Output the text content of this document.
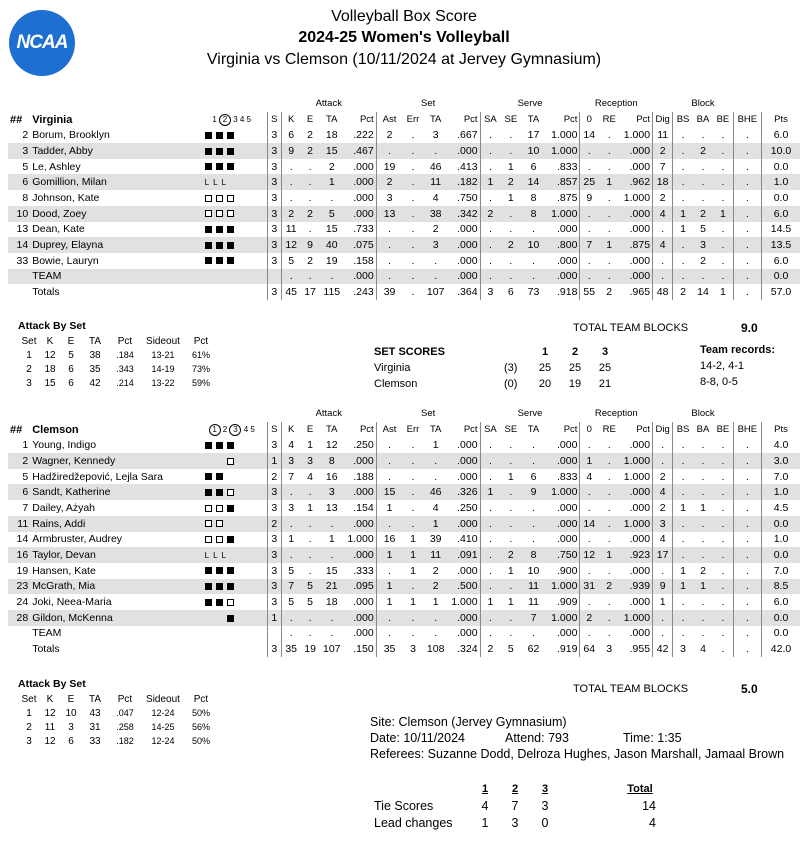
NCAA
Volleyball Box Score
2024-25 Women's Volleyball
Virginia vs Clemson (10/11/2024 at Jervey Gymnasium)
				Attack				Set				Serve				Reception				Block				
##	Virginia	1 2 3 4 5	S	K	E	TA	Pct	Ast	Err	TA	Pct	SA	SE	TA	Pct	0	RE	Pct	Dig	BS	BA	BE	BHE	Pts
2	Borum, Brooklyn		3	6	2	18	.222	2	.	3	.667	.	.	17	1.000	14	.	1.000	11	.	.	.	.	6.0
3	Tadder, Abby		3	9	2	15	.467	.	.	.	.000	.	.	10	1.000	.	.	.000	2	.	2	.	.	10.0
5	Le, Ashley		3	.	.	2	.000	19	.	46	.413	.	1	6	.833	.	.	.000	7	.	.	.	.	0.0
6	Gomillion, Milan	L L L	3	.	.	1	.000	2	.	11	.182	1	2	14	.857	25	1	.962	18	.	.	.	.	1.0
8	Johnson, Kate		3	.	.	.	.000	3	.	4	.750	.	1	8	.875	9	.	1.000	2	.	.	.	.	0.0
10	Dood, Zoey		3	2	2	5	.000	13	.	38	.342	2	.	8	1.000	.	.	.000	4	1	2	1	.	6.0
13	Dean, Kate		3	11	.	15	.733	.	.	2	.000	.	.	.	.000	.	.	.000	.	1	5	.	.	14.5
14	Duprey, Elayna		3	12	9	40	.075	.	.	3	.000	.	2	10	.800	7	1	.875	4	.	3	.	.	13.5
33	Bowie, Lauryn		3	5	2	19	.158	.	.	.	.000	.	.	.	.000	.	.	.000	.	.	2	.	.	6.0
	TEAM			.	.	.	.000	.	.	.	.000	.	.	.	.000	.	.	.000	.	.	.	.	.	0.0
	Totals		3	45	17	115	.243	39	.	107	.364	3	6	73	.918	55	2	.965	48	2	14	1	.	57.0
Attack By Set
Set	K	E	TA	Pct	Sideout	Pct
1	12	5	38	.184	13-21	61%
2	18	6	35	.343	14-19	73%
3	15	6	42	.214	13-22	59%
TOTAL TEAM BLOCKS	9.0
SET SCORES		1	2	3
Virginia	(3)	25	25	25
Clemson	(0)	20	19	21
Team records:
14-2, 4-1
8-8, 0-5
				Attack				Set				Serve				Reception				Block				
##	Clemson	1 2 3 4 5	S	K	E	TA	Pct	Ast	Err	TA	Pct	SA	SE	TA	Pct	0	RE	Pct	Dig	BS	BA	BE	BHE	Pts
1	Young, Indigo		3	4	1	12	.250	.	.	1	.000	.	.	.	.000	.	.	.000	.	.	.	.	.	4.0
2	Wagner, Kennedy		1	3	3	8	.000	.	.	.	.000	.	.	.	.000	1	.	1.000	.	.	.	.	.	3.0
5	Hadžiredžepović, Lejla Sara		2	7	4	16	.188	.	.	.	.000	.	1	6	.833	4	.	1.000	2	.	.	.	.	7.0
6	Sandt, Katherine		3	.	.	3	.000	15	.	46	.326	1	.	9	1.000	.	.	.000	4	.	.	.	.	1.0
7	Dailey, Ażyah		3	3	1	13	.154	1	.	4	.250	.	.	.	.000	.	.	.000	2	1	1	.	.	4.5
11	Rains, Addi		2	.	.	.	.000	.	.	1	.000	.	.	.	.000	14	.	1.000	3	.	.	.	.	0.0
14	Armbruster, Audrey		3	1	.	1	1.000	16	1	39	.410	.	.	.	.000	.	.	.000	4	.	.	.	.	1.0
16	Taylor, Devan	L L L	3	.	.	.	.000	1	1	11	.091	.	2	8	.750	12	1	.923	17	.	.	.	.	0.0
19	Hansen, Kate		3	5	.	15	.333	.	1	2	.000	.	1	10	.900	.	.	.000	.	1	2	.	.	7.0
23	McGrath, Mia		3	7	5	21	.095	1	.	2	.500	.	.	11	1.000	31	2	.939	9	1	1	.	.	8.5
24	Joki, Neea-Maria		3	5	5	18	.000	1	1	1	1.000	1	1	11	.909	.	.	.000	1	.	.	.	.	6.0
28	Gildon, McKenna		1	.	.	.	.000	.	.	.	.000	.	.	7	1.000	2	.	1.000	.	.	.	.	.	0.0
	TEAM			.	.	.	.000	.	.	.	.000	.	.	.	.000	.	.	.000	.	.	.	.	.	0.0
	Totals		3	35	19	107	.150	35	3	108	.324	2	5	62	.919	64	3	.955	42	3	4	.	.	42.0
Attack By Set
Set	K	E	TA	Pct	Sideout	Pct
1	12	10	43	.047	12-24	50%
2	11	3	31	.258	14-25	56%
3	12	6	33	.182	12-24	50%
TOTAL TEAM BLOCKS	5.0
Site: Clemson (Jervey Gymnasium)
Date: 10/11/2024	Attend: 793	Time: 1:35
Referees: Suzanne Dodd, Delroza Hughes, Jason Marshall, Jamaal Brown
	1	2	3		Total
Tie Scores	4	7	3		14
Lead changes	1	3	0		4
